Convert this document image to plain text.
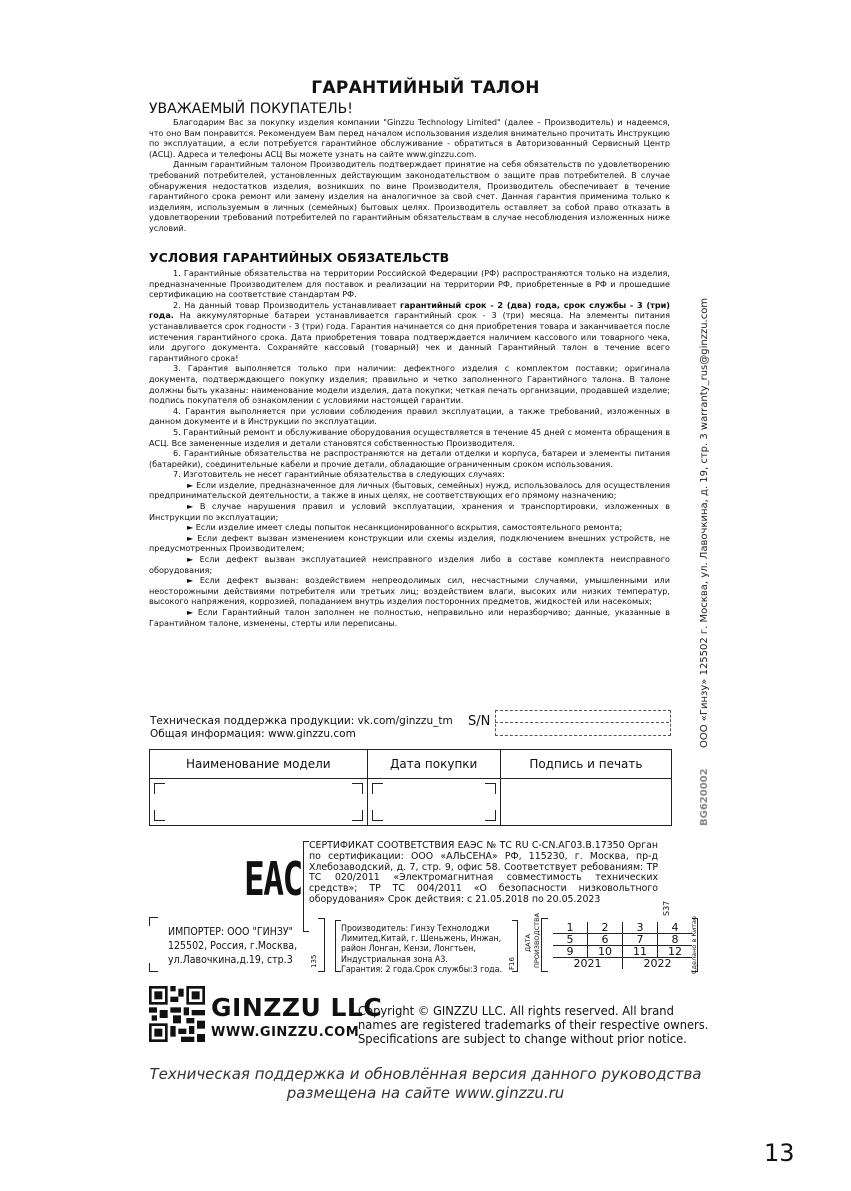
ГАРАНТИЙНЫЙ ТАЛОН
УВАЖАЕМЫЙ ПОКУПАТЕЛЬ!

Благодарим Вас за покупку изделия компании "Ginzzu Technology Limited" (далее – Производитель) и надеемся, что оно Вам понравится. Рекомендуем Вам перед началом использования изделия внимательно прочитать Инструкцию по эксплуатации, а если потребуется гарантийное обслуживание - обратиться в Авторизованный Сервисный Центр (АСЦ). Адреса и телефоны АСЦ Вы можете узнать на сайте www.ginzzu.com.

Данным гарантийным талоном Производитель подтверждает принятие на себя обязательств по удовлетворению требований потребителей, установленных действующим законодательством о защите прав потребителей. В случае обнаружения недостатков изделия, возникших по вине Производителя, Производитель обеспечивает в течение гарантийного срока ремонт или замену изделия на аналогичное за свой счет. Данная гарантия применима только к изделиям, используемым в личных (семейных) бытовых целях. Производитель оставляет за собой право отказать в удовлетворении требований потребителей по гарантийным обязательствам в случае несоблюдения изложенных ниже условий.

УСЛОВИЯ ГАРАНТИЙНЫХ ОБЯЗАТЕЛЬСТВ

1. Гарантийные обязательства на территории Российской Федерации (РФ) распространяются только на изделия, предназначенные Производителем для поставок и реализации на территории РФ, приобретенные в РФ и прошедшие сертификацию на соответствие стандартам РФ.

2. На данный товар Производитель устанавливает гарантийный срок - 2 (два) года, срок службы - 3 (три) года. На аккумуляторные батареи устанавливается гарантийный срок - 3 (три) месяца. На элементы питания устанавливается срок годности - 3 (три) года. Гарантия начинается со дня приобретения товара и заканчивается после истечения гарантийного срока. Дата приобретения товара подтверждается наличием кассового или товарного чека, или другого документа. Сохраняйте кассовый (товарный) чек и данный Гарантийный талон в течение всего гарантийного срока!

3. Гарантия выполняется только при наличии: дефектного изделия с комплектом поставки; оригинала документа, подтверждающего покупку изделия; правильно и четко заполненного Гарантийного талона. В талоне должны быть указаны: наименование модели изделия, дата покупки; четкая печать организации, продавшей изделие; подпись покупателя об ознакомлении с условиями настоящей гарантии.

4. Гарантия выполняется при условии соблюдения правил эксплуатации, а также требований, изложенных в данном документе и в Инструкции по эксплуатации.

5. Гарантийный ремонт и обслуживание оборудования осуществляется в течение 45 дней с момента обращения в АСЦ. Все замененные изделия и детали становятся собственностью Производителя.

6. Гарантийные обязательства не распространяются на детали отделки и корпуса, батареи и элементы питания (батарейки), соединительные кабели и прочие детали, обладающие ограниченным сроком использования.

7. Изготовитель не несет гарантийные обязательства в следующих случаях:

► Если изделие, предназначенное для личных (бытовых, семейных) нужд, использовалось для осуществления предпринимательской деятельности, а также в иных целях, не соответствующих его прямому назначению;

► В случае нарушения правил и условий эксплуатации, хранения и транспортировки, изложенных в Инструкции по эксплуатации;

► Если изделие имеет следы попыток несанкционированного вскрытия, самостоятельного ремонта;

► Если дефект вызван изменением конструкции или схемы изделия, подключением внешних устройств, не предусмотренных Производителем;

► Если дефект вызван эксплуатацией неисправного изделия либо в составе комплекта неисправного оборудования;

► Если дефект вызван: воздействием непреодолимых сил, несчастными случаями, умышленными или неосторожными действиями потребителя или третьих лиц; воздействием влаги, высоких или низких температур, высокого напряжения, коррозией, попаданием внутрь изделия посторонних предметов, жидкостей или насекомых;

► Если Гарантийный талон заполнен не полностью, неправильно или неразборчиво; данные, указанные в Гарантийном талоне, изменены, стерты или переписаны.

Техническая поддержка продукции: vk.com/ginzzu_tm
Общая информация: www.ginzzu.com
S/N	ООО «Гинзу» 125502 г. Москва, ул. Лавочкина, д. 19, стр. 3 warranty_rus@ginzzu.com
BG620002
Наименование модели	Дата покупки	Подпись и печать

EAC
СЕРТИФИКАТ СООТВЕТСТВИЯ ЕАЭС № ТС RU С-CN.АГ03.В.17350 Орган по сертификации: ООО «АЛЬСЕНА» РФ, 115230, г. Москва, пр-д Хлебозаводский, д. 7, стр. 9, офис 58. Соответствует ребованиям: ТР ТС 020/2011 «Электромагнитная совместимость технических средств»; ТР ТС 004/2011 «О безопасности низковольтного оборудования» Срок действия: с 21.05.2018 по 20.05.2023
S37
ИМПОРТЕР: ООО "ГИНЗУ"
125502, Россия, г.Москва,
ул.Лавочкина,д.19, стр.3	135
Производитель: Гинзу Технолоджи
Лимитед,Китай, г. Шеньжень, Инжан,
район Лонган, Кензи, Лонгтьен,
Индустриальная зона А3.
Гарантия: 2 года.Срок службы:3 года. F16
ДАТА ПРОИЗВОДСТВА 1	2	3	4
5	6	7	8
9	10	11	12
2021		2022		Сделано в Китае
GINZZU LLC
WWW.GINZZU.COM
Copyright © GINZZU LLC. All rights reserved. All brand
names are registered trademarks of their respective owners.
Specifications are subject to change without prior notice.
Техническая поддержка и обновлённая версия данного руководства
размещена на сайте www.ginzzu.ru
13
